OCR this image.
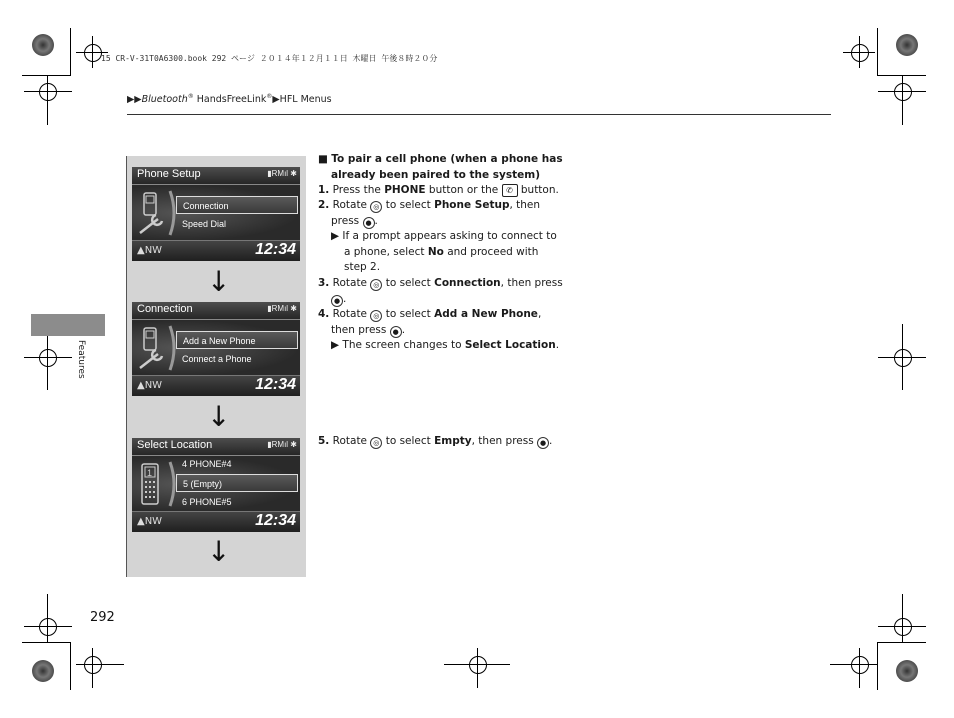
15 CR-V-31T0A6300.book 292 ページ ２０１４年１２月１１日 木曜日 午後８時２０分
▶▶Bluetooth® HandsFreeLink®▶HFL Menus
Features
292
Phone Setup	▮RMıl ✱
Connection
Speed Dial
▲NW	12:34
Connection	▮RMıl ✱
Add a New Phone
Connect a Phone
▲NW	12:34
Select Location	▮RMıl ✱
1
4 PHONE#4
5 (Empty)
6 PHONE#5
▲NW	12:34
↓
↓
↓
■ To pair a cell phone (when a phone has
already been paired to the system)
1. Press the PHONE button or the ✆ button.
2. Rotate ◎ to select Phone Setup, then
press ● .
▶ If a prompt appears asking to connect to
a phone, select No and proceed with
step 2.
3. Rotate ◎ to select Connection, then press
● .
4. Rotate ◎ to select Add a New Phone,
then press ● .
▶ The screen changes to Select Location.
5. Rotate ◎ to select Empty, then press ● .
